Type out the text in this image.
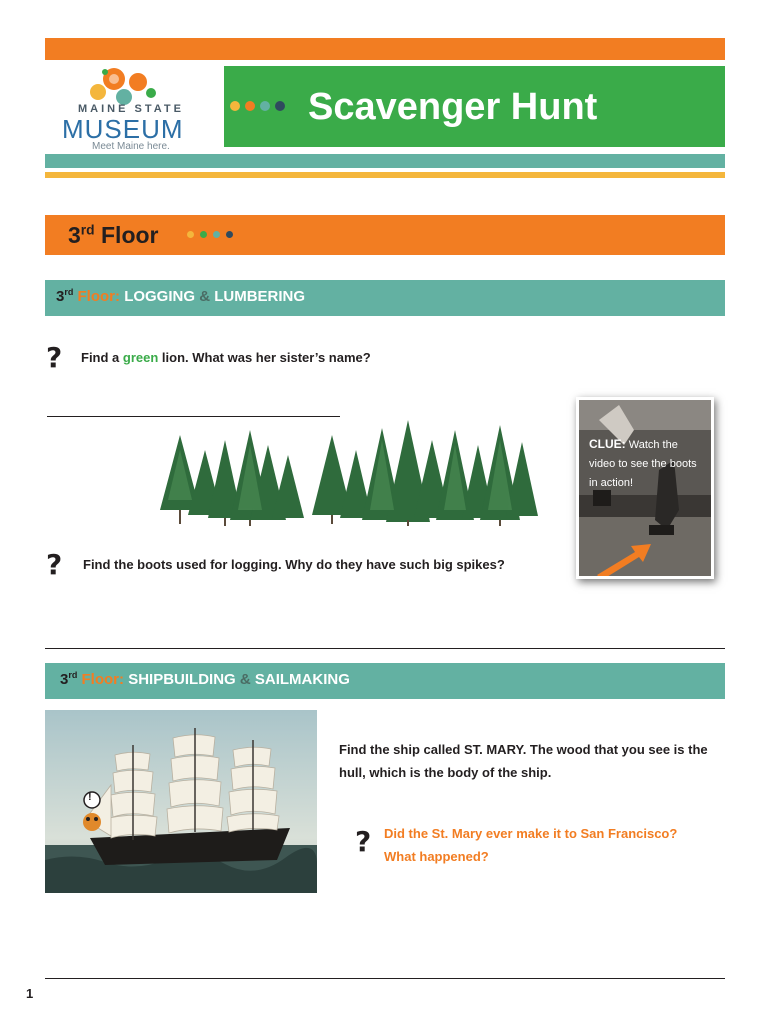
MAINE STATE
MUSEUM
Meet Maine here.
Scavenger Hunt
3rd Floor
3rd Floor: LOGGING & LUMBERING
? Find a green lion. What was her sister’s name?
CLUE: Watch the video to see the boots in action!
? Find the boots used for logging. Why do they have such big spikes?
3rd Floor: SHIPBUILDING & SAILMAKING
!
Find the ship called ST. MARY. The wood that you see is the hull, which is the body of the ship.
? Did the St. Mary ever make it to San Francisco?
What happened?
1
